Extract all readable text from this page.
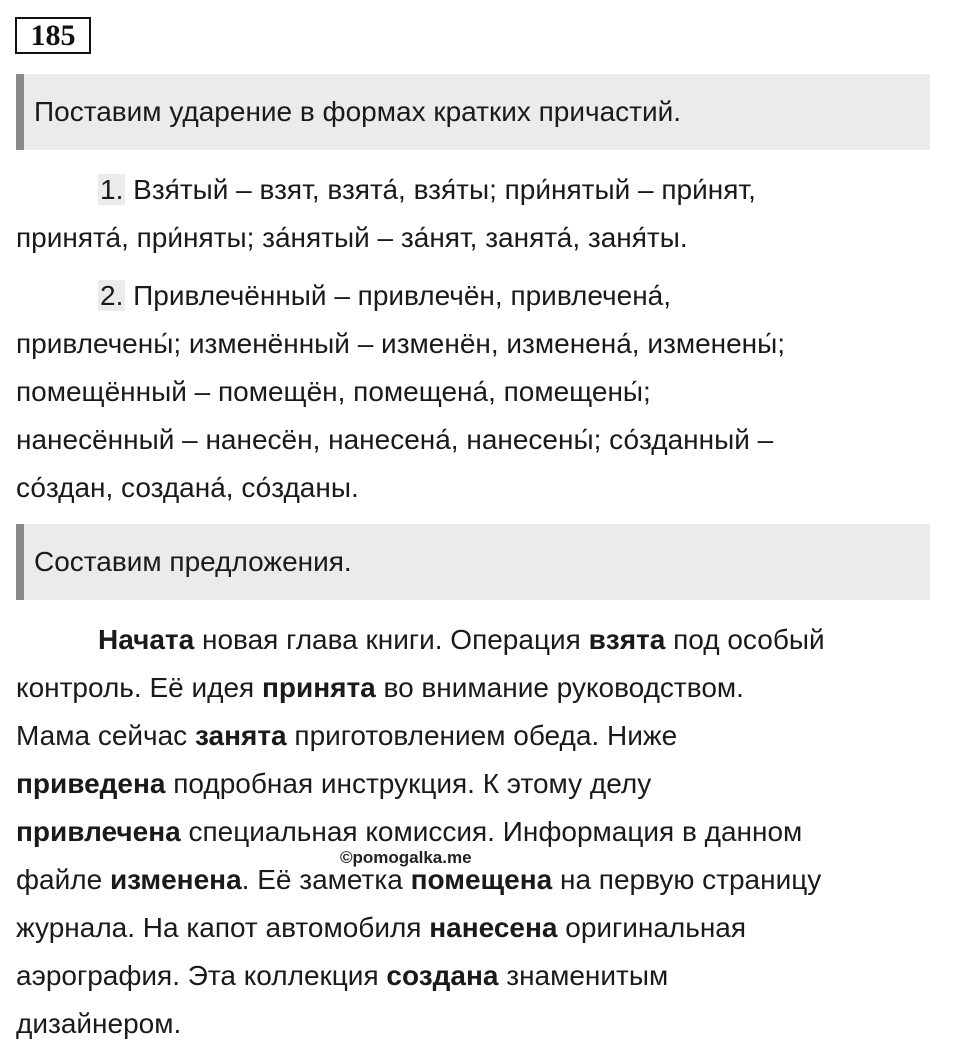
185
Поставим ударение в формах кратких причастий.
1. Взя́тый – взят, взята́, взя́ты; при́нятый – при́нят,
принята́, при́няты; за́нятый – за́нят, занята́, заня́ты.
2. Привлечённый – привлечён, привлечена́,
привлечены́; изменённый – изменён, изменена́, изменены́;
помещённый – помещён, помещена́, помещены́;
нанесённый – нанесён, нанесена́, нанесены́; со́зданный –
со́здан, создана́, со́зданы.
Составим предложения.
Начата новая глава книги. Операция взята под особый
контроль. Её идея принята во внимание руководством.
Мама сейчас занята приготовлением обеда. Ниже
приведена подробная инструкция. К этому делу
привлечена специальная комиссия. Информация в данном
файле изменена. Её заметка помещена на первую страницу
журнала. На капот автомобиля нанесена оригинальная
аэрография. Эта коллекция создана знаменитым
дизайнером.
©pomogalka.me
